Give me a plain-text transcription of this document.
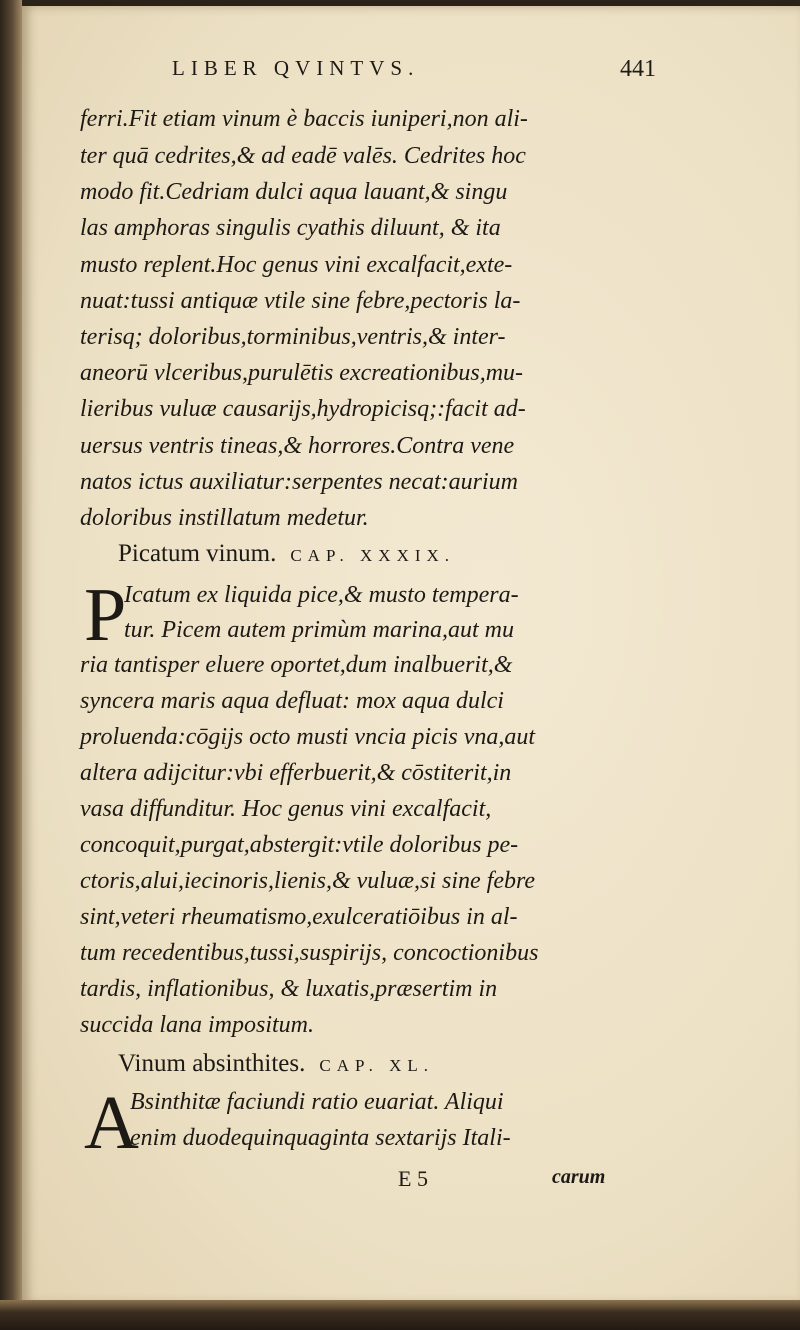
LIBER QVINTVS.	441
ferri.Fit etiam vinum è baccis iuniperi,non ali-
ter quā cedrites,& ad eadē valēs. Cedrites hoc
modo fit.Cedriam dulci aqua lauant,& singu
las amphoras singulis cyathis diluunt, & ita
musto replent.Hoc genus vini excalfacit,exte-
nuat:tussi antiquæ vtile sine febre,pectoris la-
terisq; doloribus,torminibus,ventris,& inter-
aneorū vlceribus,purulētis excreationibus,mu-
lieribus vuluæ causarijs,hydropicisq;:facit ad-
uersus ventris tineas,& horrores.Contra vene
natos ictus auxiliatur:serpentes necat:aurium
doloribus instillatum medetur.
Picatum vinum. CAP. XXXIX.
P
Icatum ex liquida pice,& musto tempera-
tur. Picem autem primùm marina,aut mu
ria tantisper eluere oportet,dum inalbuerit,&
syncera maris aqua defluat: mox aqua dulci
proluenda:cōgijs octo musti vncia picis vna,aut
altera adijcitur:vbi efferbuerit,& cōstiterit,in
vasa diffunditur. Hoc genus vini excalfacit,
concoquit,purgat,abstergit:vtile doloribus pe-
ctoris,alui,iecinoris,lienis,& vuluæ,si sine febre
sint,veteri rheumatismo,exulceratiōibus in al-
tum recedentibus,tussi,suspirijs, concoctionibus
tardis, inflationibus, & luxatis,præsertim in
succida lana impositum.
Vinum absinthites. CAP. XL.
A
Bsinthitæ faciundi ratio euariat. Aliqui
enim duodequinquaginta sextarijs Itali-
E 5	carum
